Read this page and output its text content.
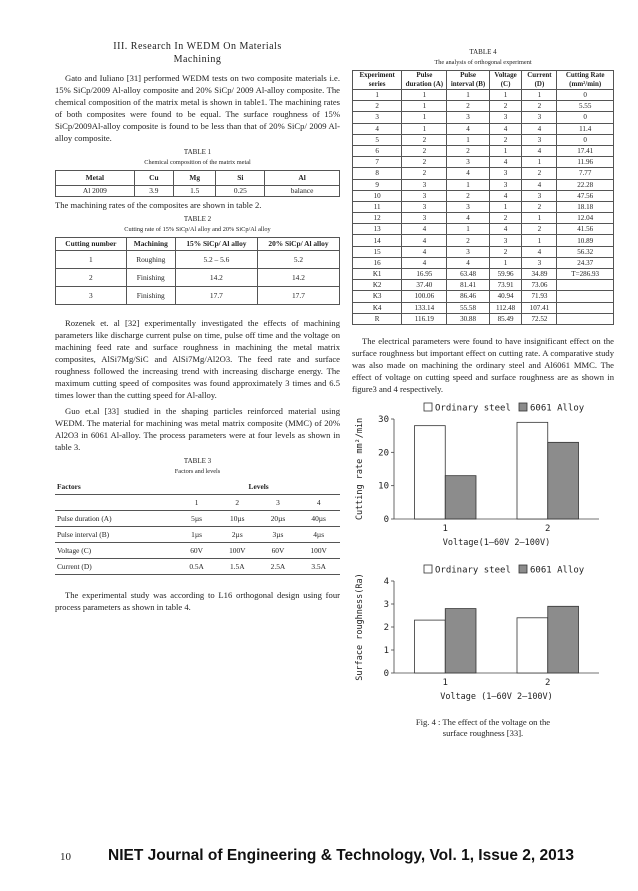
III. Research In WEDM On Materials
Machining

Gato and Iuliano [31] performed WEDM tests on two composite materials i.e. 15% SiCp/2009 Al-alloy composite and 20% SiCp/ 2009 Al-alloy composite. The chemical composition of the matrix metal is shown in table1. The machining rates of both composites were found to be equal. The surface roughness of 15% SiCp/2009Al-alloy composite is found to be less than that of 20% SiCp/ 2009 Al-alloy composite.

TABLE 1
Chemical composition of the matrix metal
Metal	Cu	Mg	Si	Al
Al 2009	3.9	1.5	0.25	balance

The machining rates of the composites are shown in table 2.

TABLE 2
Cutting rate of 15% SiCp/Al alloy and 20% SiCp/Al alloy
Cutting number	Machining	15% SiCp/ Al alloy	20% SiCp/ Al alloy
1	Roughing	5.2 – 5.6	5.2
2	Finishing	14.2	14.2
3	Finishing	17.7	17.7

Rozenek et. al [32] experimentally investigated the effects of machining parameters like discharge current pulse on time, pulse off time and the voltage on machining feed rate and surface roughness in machining the metal matrix composites, AlSi7Mg/SiC and AlSi7Mg/Al2O3. The feed rate and surface roughness followed the increasing trend with increasing discharge energy. The maximum cutting speed of composites was found approximately 3 times and 6.5 times lower than the cutting speed for Al-alloy.

Guo et.al [33] studied in the shaping particles reinforced material using WEDM. The material for machining was metal matrix composite (MMC) of 20% Al2O3 in 6061 Al-alloy. The process parameters were at four levels as shown in table 3.

TABLE 3
Factors and levels
Factors	Levels			
	1	2	3	4
Pulse duration (A)	5µs	10µs	20µs	40µs
Pulse interval (B)	1µs	2µs	3µs	4µs
Voltage (C)	60V	100V	60V	100V
Current (D)	0.5A	1.5A	2.5A	3.5A

The experimental study was according to L16 orthogonal design using four process parameters as shown in table 4.

TABLE 4
The analysis of orthogonal experiment
Experiment series	Pulse duration (A)	Pulse interval (B)	Voltage (C)	Current (D)	Cutting Rate (mm²/min)
1	1	1	1	1	0
2	1	2	2	2	5.55
3	1	3	3	3	0
4	1	4	4	4	11.4
5	2	1	2	3	0
6	2	2	1	4	17.41
7	2	3	4	1	11.96
8	2	4	3	2	7.77
9	3	1	3	4	22.28
10	3	2	4	3	47.56
11	3	3	1	2	18.18
12	3	4	2	1	12.04
13	4	1	4	2	41.56
14	4	2	3	1	10.89
15	4	3	2	4	56.32
16	4	4	1	3	24.37
K1	16.95	63.48	59.96	34.89	T=286.93
K2	37.40	81.41	73.91	73.06	
K3	100.06	86.46	40.94	71.93	
K4	133.14	55.58	112.48	107.41	
R	116.19	30.88	85.49	72.52	

The electrical parameters were found to have insignificant effect on the surface roughness but important effect on cutting rate. A comparative study was also made on machining the ordinary steel and Al6061 MMC. The effect of voltage on cutting speed and surface roughness are as shown in figure3 and 4 respectively.

Ordinary steel 6061 Alloy
0
10
20
30
1	2
Voltage(1–60V 2–100V)
Cutting rate mm²/min
Ordinary steel 6061 Alloy
0
1
2
3
4
1	2
Voltage (1–60V 2–100V)
Surface roughness(Ra)
Fig. 4 : The effect of the voltage on the
surface roughness [33].
10 NIET Journal of Engineering & Technology, Vol. 1, Issue 2, 2013
